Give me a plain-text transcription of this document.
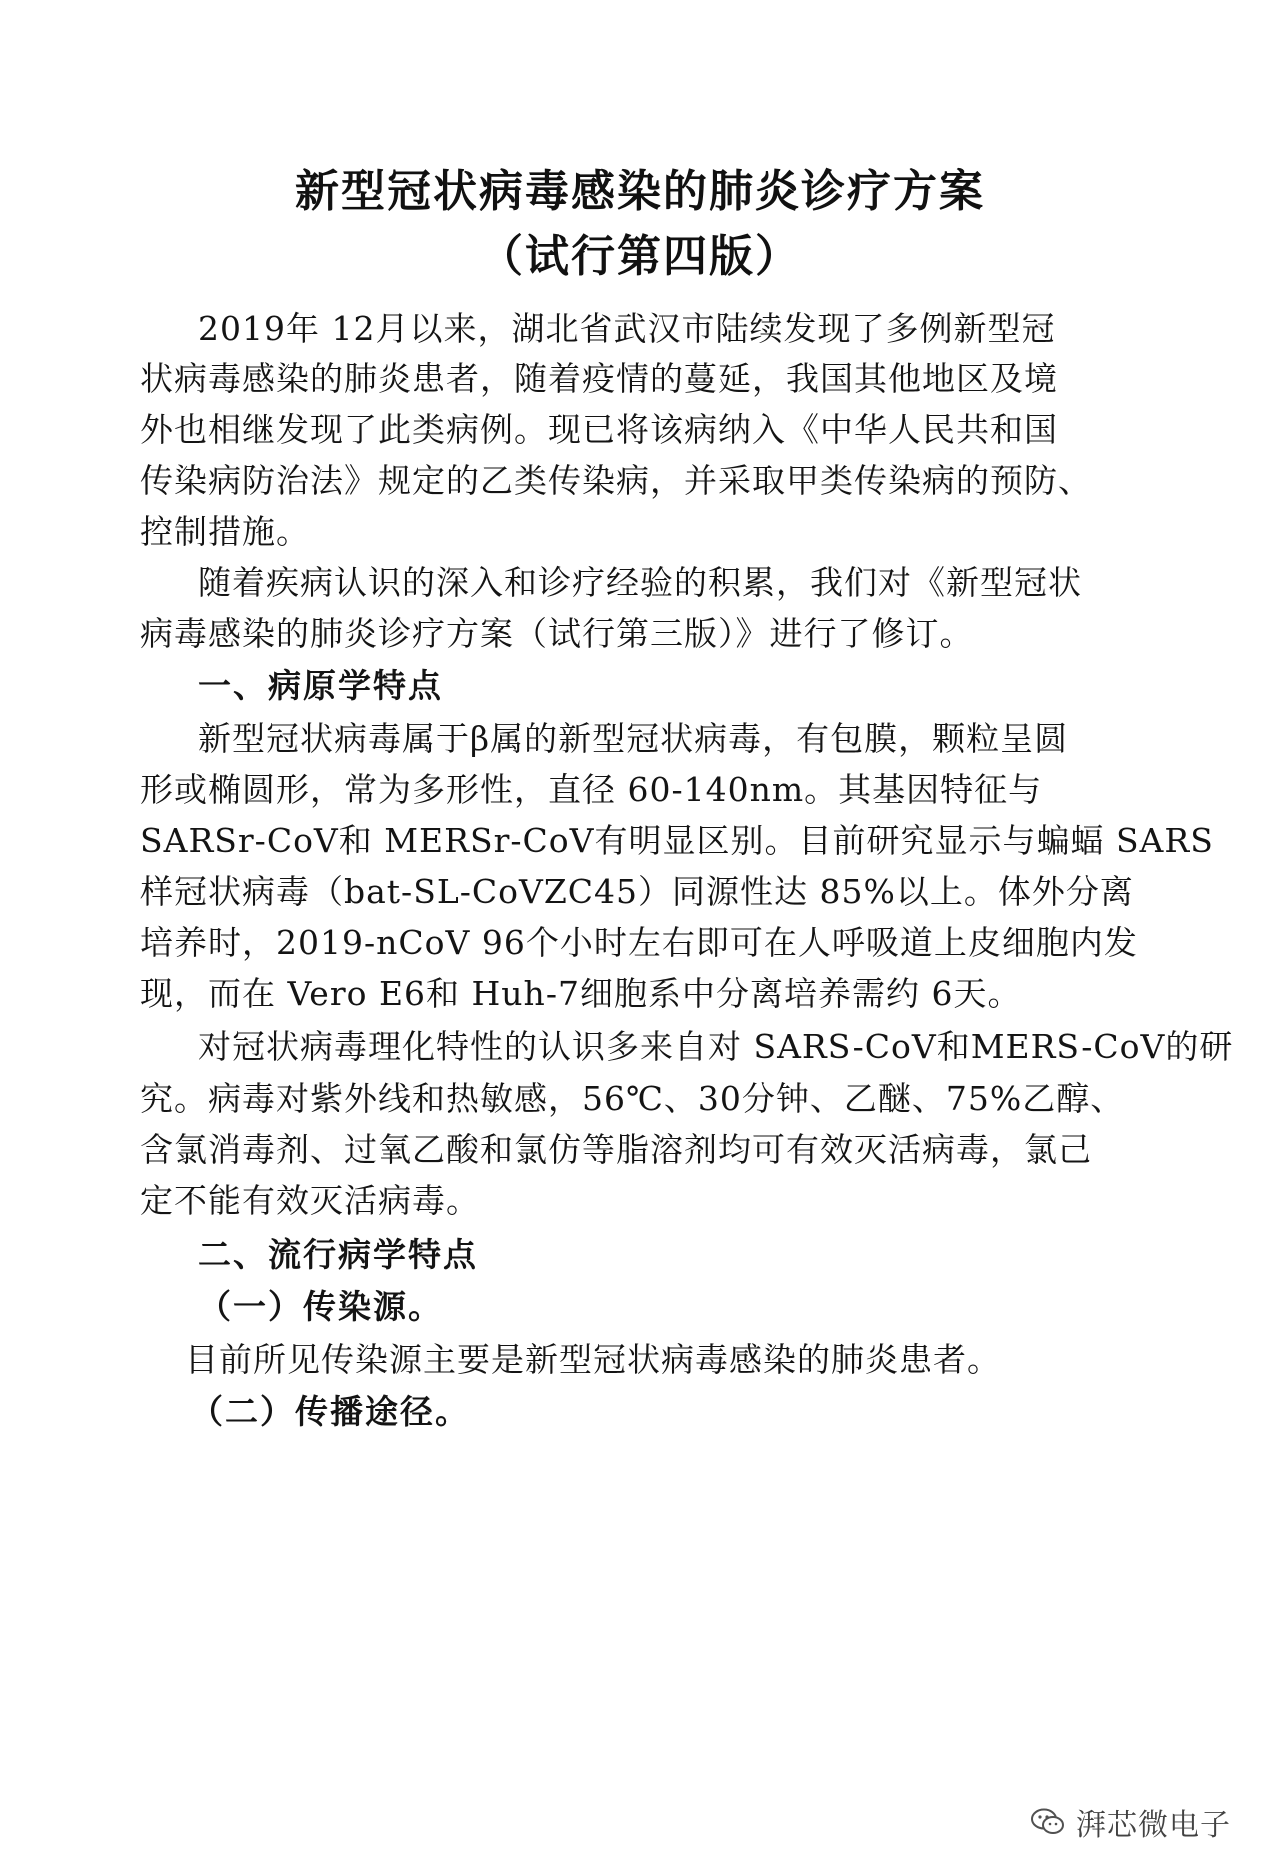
新型冠状病毒感染的肺炎诊疗方案
（试行第四版）
2019年 12月以来，湖北省武汉市陆续发现了多例新型冠
状病毒感染的肺炎患者，随着疫情的蔓延，我国其他地区及境
外也相继发现了此类病例。现已将该病纳入《中华人民共和国
传染病防治法》规定的乙类传染病，并采取甲类传染病的预防、
控制措施。
随着疾病认识的深入和诊疗经验的积累，我们对《新型冠状
病毒感染的肺炎诊疗方案（试行第三版）》进行了修订。
一、病原学特点
新型冠状病毒属于β属的新型冠状病毒，有包膜，颗粒呈圆
形或椭圆形，常为多形性，直径 60-140nm。其基因特征与
SARSr-CoV和 MERSr-CoV有明显区别。目前研究显示与蝙蝠 SARS
样冠状病毒（bat-SL-CoVZC45）同源性达 85%以上。体外分离
培养时，2019-nCoV 96个小时左右即可在人呼吸道上皮细胞内发
现，而在 Vero E6和 Huh-7细胞系中分离培养需约 6天。
对冠状病毒理化特性的认识多来自对 SARS-CoV和MERS-CoV的研
究。病毒对紫外线和热敏感，56℃、30分钟、乙醚、75%乙醇、
含氯消毒剂、过氧乙酸和氯仿等脂溶剂均可有效灭活病毒，氯己
定不能有效灭活病毒。
二、流行病学特点
（一）传染源。
目前所见传染源主要是新型冠状病毒感染的肺炎患者。
（二）传播途径。
湃芯微电子
